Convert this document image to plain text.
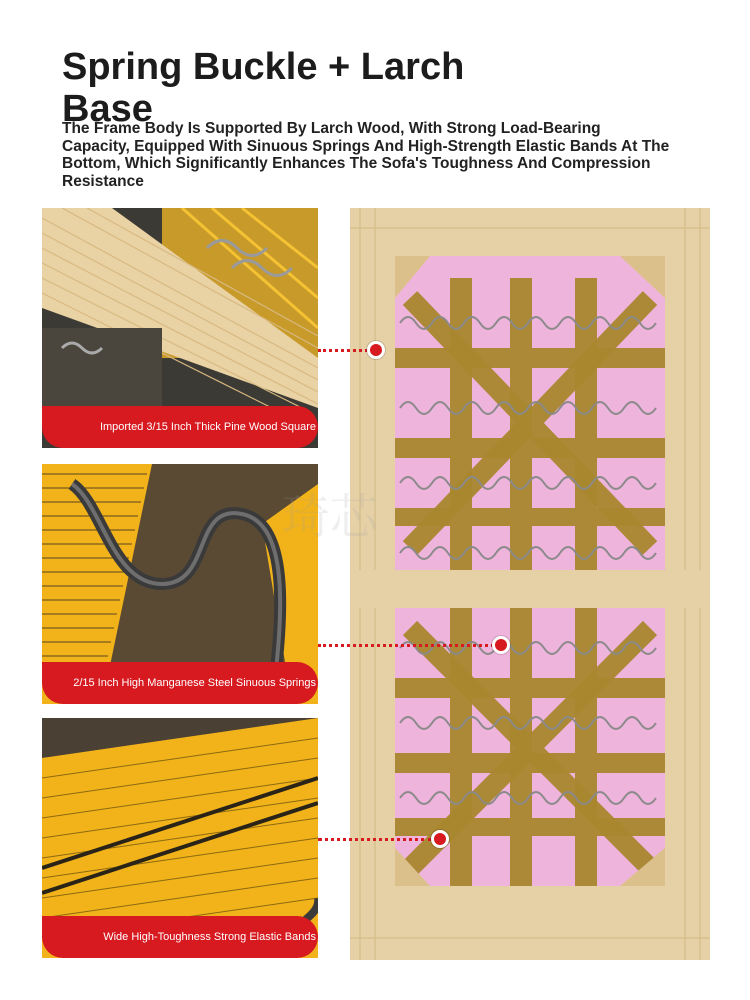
Spring Buckle + Larch Base
The Frame Body Is Supported By Larch Wood, With Strong Load-Bearing Capacity, Equipped With Sinuous Springs And High-Strength Elastic Bands At The Bottom, Which Significantly Enhances The Sofa's Toughness And Compression Resistance
Imported 3/15 Inch Thick Pine Wood Square
2/15 Inch High Manganese Steel Sinuous Springs
Wide High-Toughness Strong Elastic Bands
琦芯
